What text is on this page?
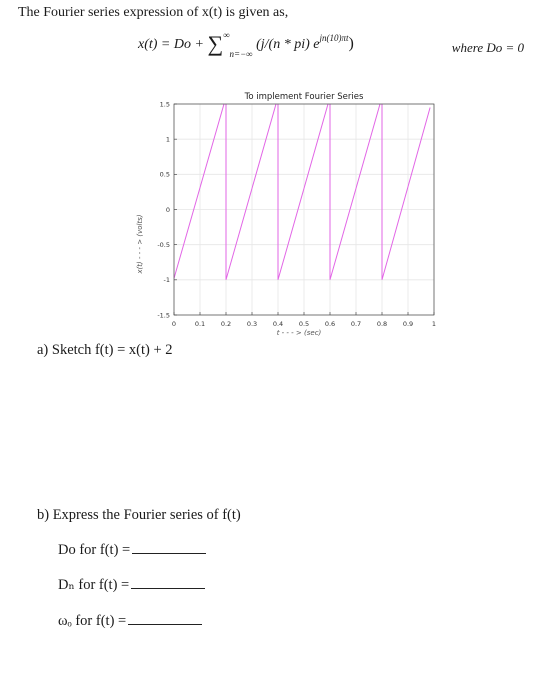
The Fourier series expression of x(t) is given as,
$x(t) = Do + \sum^\infty_{n=-\infty}$ (j/(n * pi) $e^{jn(10)\pi t}$)	where Do = 0
0	0.1 0.2 0.3 0.4 0.5 0.6 0.7 0.8 0.9	1
1.5
1
0.5
0
-0.5
-1
-1.5
To implement Fourier Series
t - - - > (sec)
x(t) - - - > (volts)
a) Sketch f(t) = x(t) + 2
b) Express the Fourier series of f(t)
Do for f(t) =
Dₙ for f(t) =
ωₒ for f(t) =
